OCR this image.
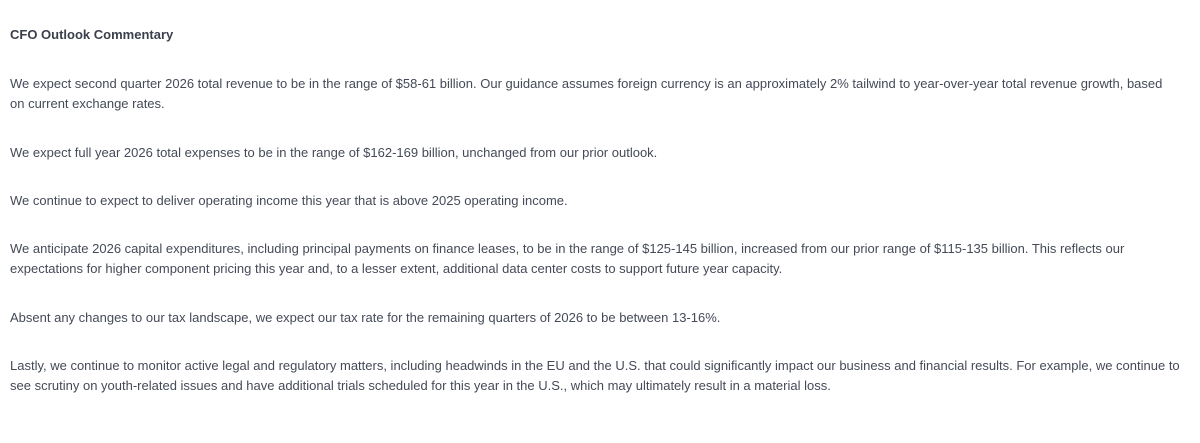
CFO Outlook Commentary

We expect second quarter 2026 total revenue to be in the range of $58-61 billion. Our guidance assumes foreign currency is an approximately 2% tailwind to year-over-year total revenue growth, based on current exchange rates.

We expect full year 2026 total expenses to be in the range of $162-169 billion, unchanged from our prior outlook.

We continue to expect to deliver operating income this year that is above 2025 operating income.

We anticipate 2026 capital expenditures, including principal payments on finance leases, to be in the range of $125-145 billion, increased from our prior range of $115-135 billion. This reflects our expectations for higher component pricing this year and, to a lesser extent, additional data center costs to support future year capacity.

Absent any changes to our tax landscape, we expect our tax rate for the remaining quarters of 2026 to be between 13-16%.

Lastly, we continue to monitor active legal and regulatory matters, including headwinds in the EU and the U.S. that could significantly impact our business and financial results. For example, we continue to see scrutiny on youth-related issues and have additional trials scheduled for this year in the U.S., which may ultimately result in a material loss.
